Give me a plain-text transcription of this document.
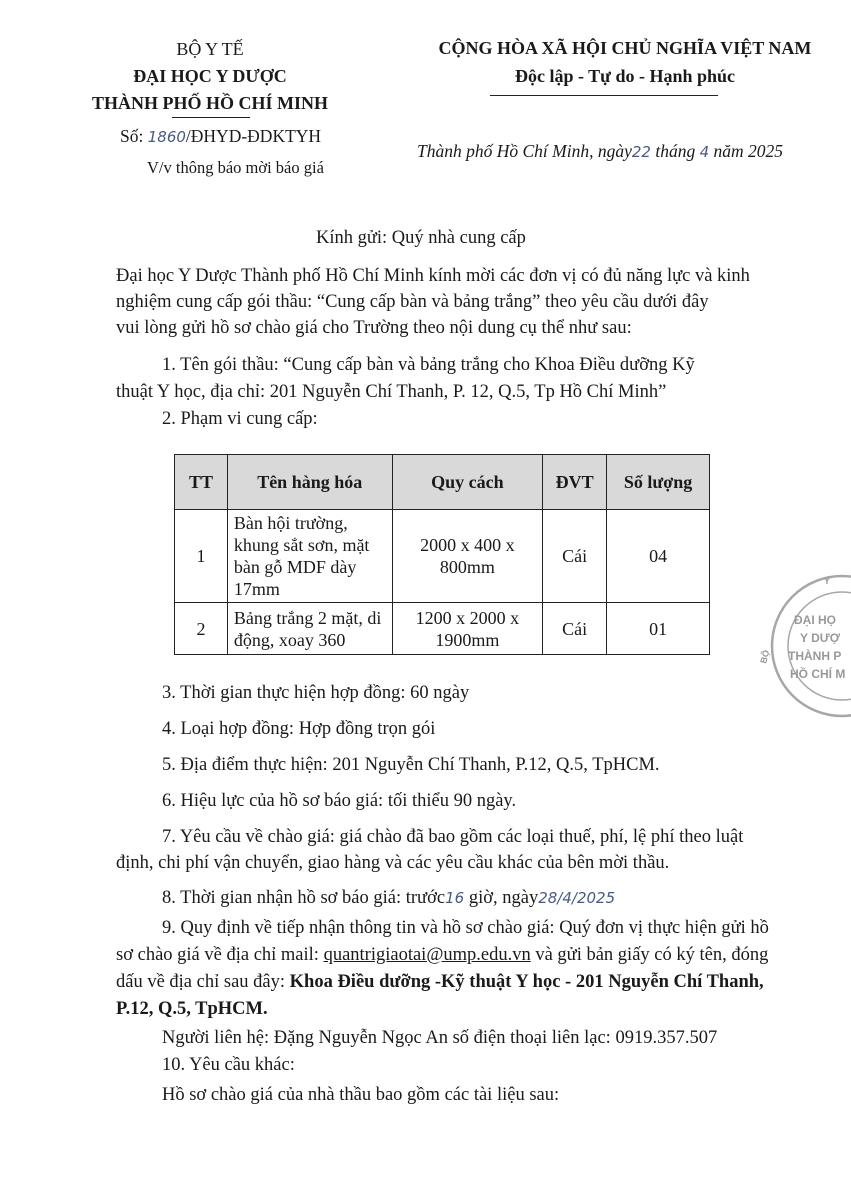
BỘ Y TẾ
ĐẠI HỌC Y DƯỢC
THÀNH PHỐ HỒ CHÍ MINH
Số: 1860/ĐHYD-ĐDKTYH
V/v thông báo mời báo giá
CỘNG HÒA XÃ HỘI CHỦ NGHĨA VIỆT NAM
Độc lập - Tự do - Hạnh phúc
Thành phố Hồ Chí Minh, ngày22 tháng 4 năm 2025
Kính gửi: Quý nhà cung cấp
Đại học Y Dược Thành phố Hồ Chí Minh kính mời các đơn vị có đủ năng lực và kinh
nghiệm cung cấp gói thầu: “Cung cấp bàn và bảng trắng” theo yêu cầu dưới đây
vui lòng gửi hồ sơ chào giá cho Trường theo nội dung cụ thể như sau:
1. Tên gói thầu: “Cung cấp bàn và bảng trắng cho Khoa Điều dưỡng Kỹ
thuật Y học, địa chỉ: 201 Nguyễn Chí Thanh, P. 12, Q.5, Tp Hồ Chí Minh”
2. Phạm vi cung cấp:
TT	Tên hàng hóa	Quy cách	ĐVT	Số lượng
1	Bàn hội trường, khung sắt sơn, mặt bàn gỗ MDF dày 17mm	2000 x 400 x 800mm	Cái	04
2	Bảng trắng 2 mặt, di động, xoay 360	1200 x 2000 x 1900mm	Cái	01
3. Thời gian thực hiện hợp đồng: 60 ngày
4. Loại hợp đồng: Hợp đồng trọn gói
5. Địa điểm thực hiện: 201 Nguyễn Chí Thanh, P.12, Q.5, TpHCM.
6. Hiệu lực của hồ sơ báo giá: tối thiểu 90 ngày.
7. Yêu cầu về chào giá: giá chào đã bao gồm các loại thuế, phí, lệ phí theo luật
định, chi phí vận chuyển, giao hàng và các yêu cầu khác của bên mời thầu.
8. Thời gian nhận hồ sơ báo giá: trước16 giờ, ngày28/4/2025
9. Quy định về tiếp nhận thông tin và hồ sơ chào giá: Quý đơn vị thực hiện gửi hồ
sơ chào giá về địa chỉ mail: quantrigiaotai@ump.edu.vn và gửi bản giấy có ký tên, đóng
dấu về địa chỉ sau đây: Khoa Điều dưỡng -Kỹ thuật Y học - 201 Nguyễn Chí Thanh,
P.12, Q.5, TpHCM.
Người liên hệ: Đặng Nguyễn Ngọc An số điện thoại liên lạc: 0919.357.507
10. Yêu cầu khác:
Hồ sơ chào giá của nhà thầu bao gồm các tài liệu sau:
Y
ĐẠI HỌ
Y DƯỢ
THÀNH P
HỒ CHÍ M
BỘ
